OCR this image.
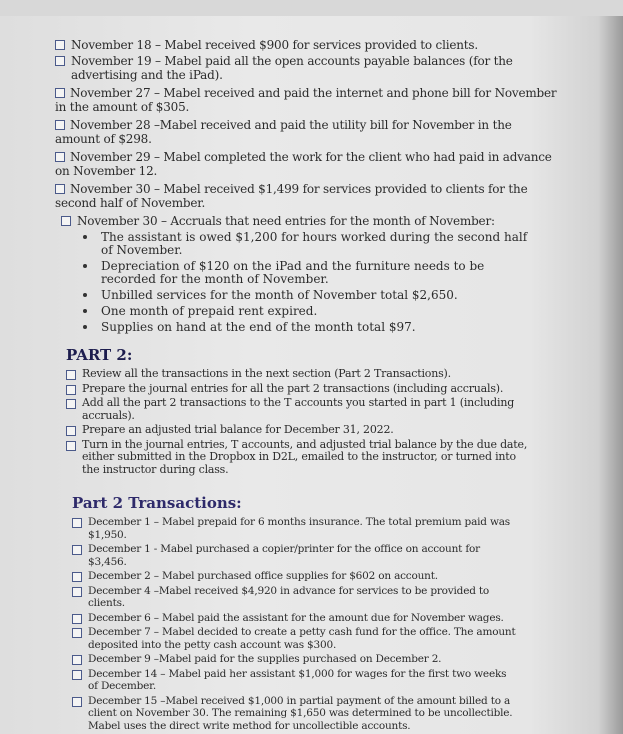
November 18 – Mabel received $900 for services provided to clients.
November 19 – Mabel paid all the open accounts payable balances (for the advertising and the iPad).
November 27 – Mabel received and paid the internet and phone bill for November in the amount of $305.
November 28 –Mabel received and paid the utility bill for November in the amount of $298.
November 29 – Mabel completed the work for the client who had paid in advance on November 12.
November 30 – Mabel received $1,499 for services provided to clients for the second half of November.
November 30 – Accruals that need entries for the month of November:
The assistant is owed $1,200 for hours worked during the second half of November.
Depreciation of $120 on the iPad and the furniture needs to be recorded for the month of November.
Unbilled services for the month of November total $2,650.
One month of prepaid rent expired.
Supplies on hand at the end of the month total $97.
PART 2:
Review all the transactions in the next section (Part 2 Transactions).
Prepare the journal entries for all the part 2 transactions (including accruals).
Add all the part 2 transactions to the T accounts you started in part 1 (including accruals).
Prepare an adjusted trial balance for December 31, 2022.
Turn in the journal entries, T accounts, and adjusted trial balance by the due date, either submitted in the Dropbox in D2L, emailed to the instructor, or turned into the instructor during class.
Part 2 Transactions:
December 1 – Mabel prepaid for 6 months insurance. The total premium paid was $1,950.
December 1 - Mabel purchased a copier/printer for the office on account for $3,456.
December 2 – Mabel purchased office supplies for $602 on account.
December 4 –Mabel received $4,920 in advance for services to be provided to clients.
December 6 – Mabel paid the assistant for the amount due for November wages.
December 7 – Mabel decided to create a petty cash fund for the office. The amount deposited into the petty cash account was $300.
December 9 –Mabel paid for the supplies purchased on December 2.
December 14 – Mabel paid her assistant $1,000 for wages for the first two weeks of December.
December 15 –Mabel received $1,000 in partial payment of the amount billed to a client on November 30. The remaining $1,650 was determined to be uncollectible. Mabel uses the direct write method for uncollectible accounts.
